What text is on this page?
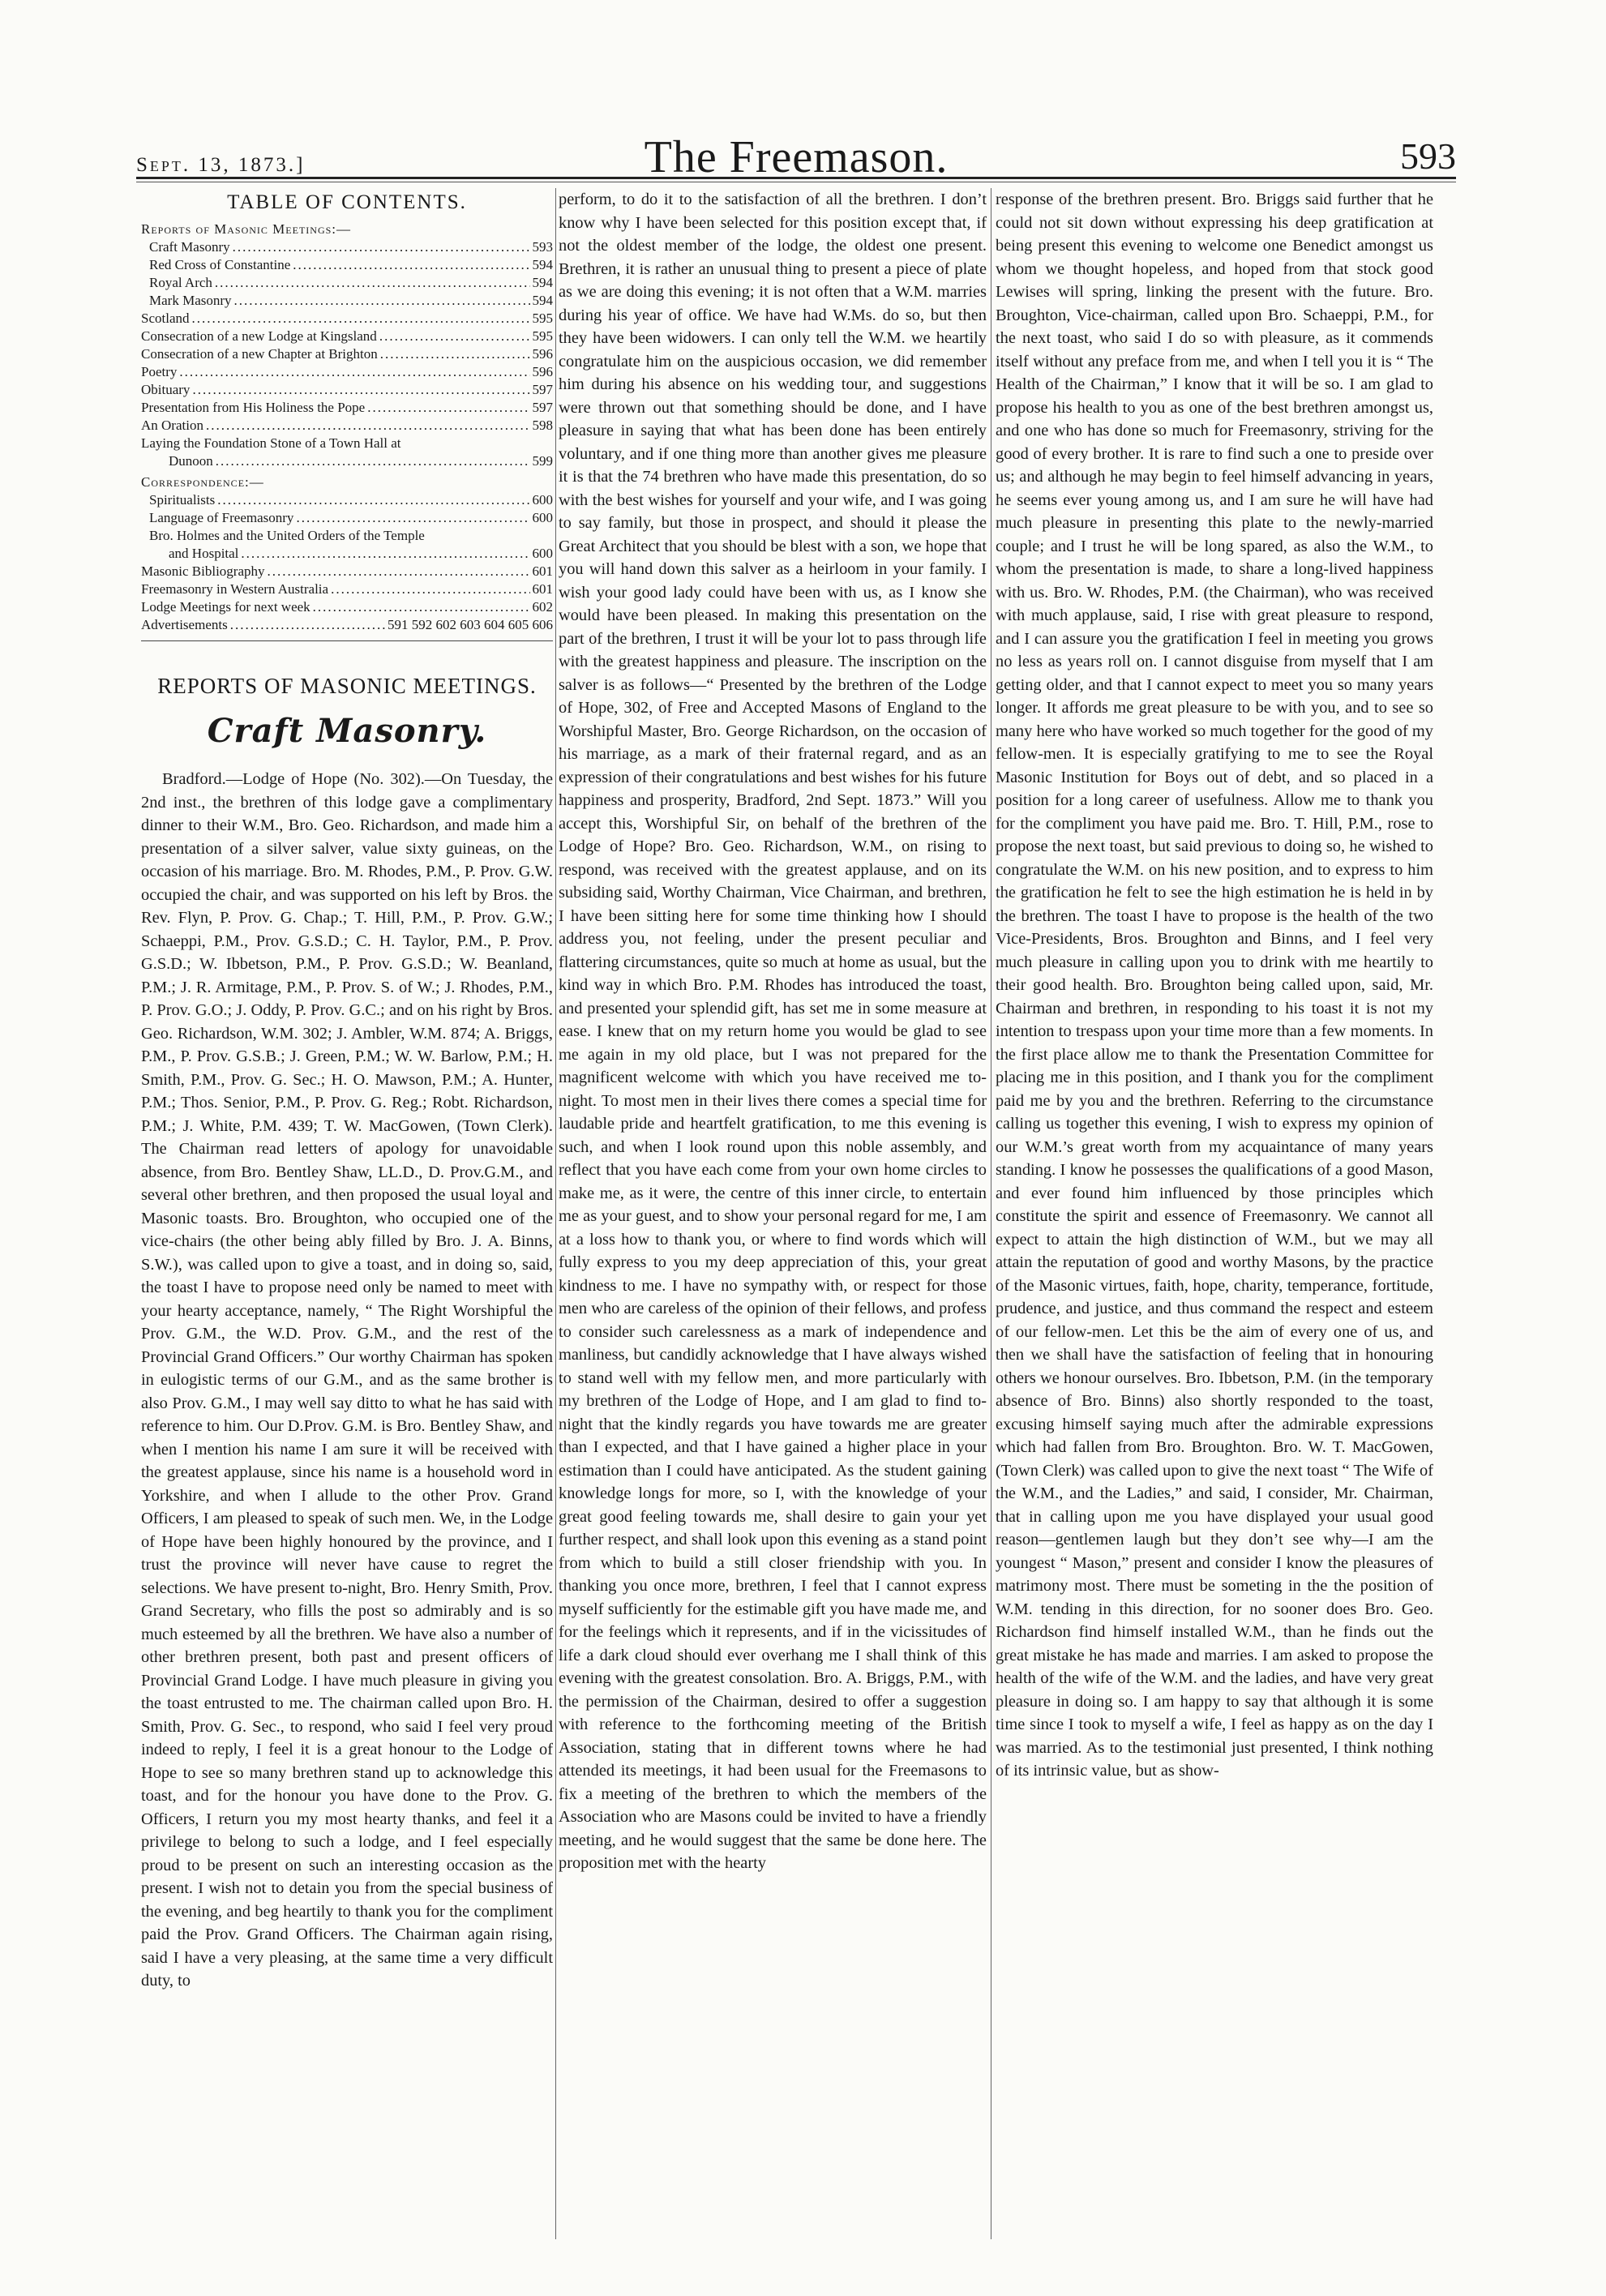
Sept. 13, 1873.]	The Freemason.	593
TABLE OF CONTENTS.
Reports of Masonic Meetings:—
Craft Masonry .....	593
Red Cross of Constantine .....	594
Royal Arch .....	594
Mark Masonry .....	594
Scotland .....	595
Consecration of a new Lodge at Kingsland .....	595
Consecration of a new Chapter at Brighton .....	596
Poetry .....	596
Obituary .....	597
Presentation from His Holiness the Pope .....	597
An Oration .....	598
Laying the Foundation Stone of a Town Hall at
Dunoon .....	599
Correspondence:—
Spiritualists .....	600
Language of Freemasonry .....	600
Bro. Holmes and the United Orders of the Temple
and Hospital .....	600
Masonic Bibliography .....	601
Freemasonry in Western Australia .....	601
Lodge Meetings for next week .....	602
Advertisements .....	591 592 602 603 604 605 606
REPORTS OF MASONIC MEETINGS.
Craft Masonry.

Bradford.—Lodge of Hope (No. 302).—On Tuesday, the 2nd inst., the brethren of this lodge gave a complimentary dinner to their W.M., Bro. Geo. Richardson, and made him a presentation of a silver salver, value sixty guineas, on the occasion of his marriage. Bro. M. Rhodes, P.M., P. Prov. G.W. occupied the chair, and was supported on his left by Bros. the Rev. Flyn, P. Prov. G. Chap.; T. Hill, P.M., P. Prov. G.W.; Schaeppi, P.M., Prov. G.S.D.; C. H. Taylor, P.M., P. Prov. G.S.D.; W. Ibbetson, P.M., P. Prov. G.S.D.; W. Beanland, P.M.; J. R. Armitage, P.M., P. Prov. S. of W.; J. Rhodes, P.M., P. Prov. G.O.; J. Oddy, P. Prov. G.C.; and on his right by Bros. Geo. Richardson, W.M. 302; J. Ambler, W.M. 874; A. Briggs, P.M., P. Prov. G.S.B.; J. Green, P.M.; W. W. Barlow, P.M.; H. Smith, P.M., Prov. G. Sec.; H. O. Mawson, P.M.; A. Hunter, P.M.; Thos. Senior, P.M., P. Prov. G. Reg.; Robt. Richardson, P.M.; J. White, P.M. 439; T. W. MacGowen, (Town Clerk). The Chairman read letters of apology for unavoidable absence, from Bro. Bentley Shaw, LL.D., D. Prov.G.M., and several other brethren, and then proposed the usual loyal and Masonic toasts. Bro. Broughton, who occupied one of the vice-chairs (the other being ably filled by Bro. J. A. Binns, S.W.), was called upon to give a toast, and in doing so, said, the toast I have to propose need only be named to meet with your hearty acceptance, namely, “ The Right Worshipful the Prov. G.M., the W.D. Prov. G.M., and the rest of the Provincial Grand Officers.” Our worthy Chairman has spoken in eulogistic terms of our G.M., and as the same brother is also Prov. G.M., I may well say ditto to what he has said with reference to him. Our D.Prov. G.M. is Bro. Bentley Shaw, and when I mention his name I am sure it will be received with the greatest applause, since his name is a household word in Yorkshire, and when I allude to the other Prov. Grand Officers, I am pleased to speak of such men. We, in the Lodge of Hope have been highly honoured by the province, and I trust the province will never have cause to regret the selections. We have present to-night, Bro. Henry Smith, Prov. Grand Secretary, who fills the post so admirably and is so much esteemed by all the brethren. We have also a number of other brethren present, both past and present officers of Provincial Grand Lodge. I have much pleasure in giving you the toast entrusted to me. The chairman called upon Bro. H. Smith, Prov. G. Sec., to respond, who said I feel very proud indeed to reply, I feel it is a great honour to the Lodge of Hope to see so many brethren stand up to acknowledge this toast, and for the honour you have done to the Prov. G. Officers, I return you my most hearty thanks, and feel it a privilege to belong to such a lodge, and I feel especially proud to be present on such an interesting occasion as the present. I wish not to detain you from the special business of the evening, and beg heartily to thank you for the compliment paid the Prov. Grand Officers. The Chairman again rising, said I have a very pleasing, at the same time a very difficult duty, to

perform, to do it to the satisfaction of all the brethren. I don’t know why I have been selected for this position except that, if not the oldest member of the lodge, the oldest one present. Brethren, it is rather an unusual thing to present a piece of plate as we are doing this evening; it is not often that a W.M. marries during his year of office. We have had W.Ms. do so, but then they have been widowers. I can only tell the W.M. we heartily congratulate him on the auspicious occasion, we did remember him during his absence on his wedding tour, and suggestions were thrown out that something should be done, and I have pleasure in saying that what has been done has been entirely voluntary, and if one thing more than another gives me pleasure it is that the 74 brethren who have made this presentation, do so with the best wishes for yourself and your wife, and I was going to say family, but those in prospect, and should it please the Great Architect that you should be blest with a son, we hope that you will hand down this salver as a heirloom in your family. I wish your good lady could have been with us, as I know she would have been pleased. In making this presentation on the part of the brethren, I trust it will be your lot to pass through life with the greatest happiness and pleasure. The inscription on the salver is as follows—“ Presented by the brethren of the Lodge of Hope, 302, of Free and Accepted Masons of England to the Worshipful Master, Bro. George Richardson, on the occasion of his marriage, as a mark of their fraternal regard, and as an expression of their congratulations and best wishes for his future happiness and prosperity, Bradford, 2nd Sept. 1873.” Will you accept this, Worshipful Sir, on behalf of the brethren of the Lodge of Hope? Bro. Geo. Richardson, W.M., on rising to respond, was received with the greatest applause, and on its subsiding said, Worthy Chairman, Vice Chairman, and brethren, I have been sitting here for some time thinking how I should address you, not feeling, under the present peculiar and flattering circumstances, quite so much at home as usual, but the kind way in which Bro. P.M. Rhodes has introduced the toast, and presented your splendid gift, has set me in some measure at ease. I knew that on my return home you would be glad to see me again in my old place, but I was not prepared for the magnificent welcome with which you have received me to-night. To most men in their lives there comes a special time for laudable pride and heartfelt gratification, to me this evening is such, and when I look round upon this noble assembly, and reflect that you have each come from your own home circles to make me, as it were, the centre of this inner circle, to entertain me as your guest, and to show your personal regard for me, I am at a loss how to thank you, or where to find words which will fully express to you my deep appreciation of this, your great kindness to me. I have no sympathy with, or respect for those men who are careless of the opinion of their fellows, and profess to consider such carelessness as a mark of independence and manliness, but candidly acknowledge that I have always wished to stand well with my fellow men, and more particularly with my brethren of the Lodge of Hope, and I am glad to find to-night that the kindly regards you have towards me are greater than I expected, and that I have gained a higher place in your estimation than I could have anticipated. As the student gaining knowledge longs for more, so I, with the knowledge of your great good feeling towards me, shall desire to gain your yet further respect, and shall look upon this evening as a stand point from which to build a still closer friendship with you. In thanking you once more, brethren, I feel that I cannot express myself sufficiently for the estimable gift you have made me, and for the feelings which it represents, and if in the vicissitudes of life a dark cloud should ever overhang me I shall think of this evening with the greatest consolation. Bro. A. Briggs, P.M., with the permission of the Chairman, desired to offer a suggestion with reference to the forthcoming meeting of the British Association, stating that in different towns where he had attended its meetings, it had been usual for the Freemasons to fix a meeting of the brethren to which the members of the Association who are Masons could be invited to have a friendly meeting, and he would suggest that the same be done here. The proposition met with the hearty

response of the brethren present. Bro. Briggs said further that he could not sit down without expressing his deep gratification at being present this evening to welcome one Benedict amongst us whom we thought hopeless, and hoped from that stock good Lewises will spring, linking the present with the future. Bro. Broughton, Vice-chairman, called upon Bro. Schaeppi, P.M., for the next toast, who said I do so with pleasure, as it commends itself without any preface from me, and when I tell you it is “ The Health of the Chairman,” I know that it will be so. I am glad to propose his health to you as one of the best brethren amongst us, and one who has done so much for Freemasonry, striving for the good of every brother. It is rare to find such a one to preside over us; and although he may begin to feel himself advancing in years, he seems ever young among us, and I am sure he will have had much pleasure in presenting this plate to the newly-married couple; and I trust he will be long spared, as also the W.M., to whom the presentation is made, to share a long-lived happiness with us. Bro. W. Rhodes, P.M. (the Chairman), who was received with much applause, said, I rise with great pleasure to respond, and I can assure you the gratification I feel in meeting you grows no less as years roll on. I cannot disguise from myself that I am getting older, and that I cannot expect to meet you so many years longer. It affords me great pleasure to be with you, and to see so many here who have worked so much together for the good of my fellow-men. It is especially gratifying to me to see the Royal Masonic Institution for Boys out of debt, and so placed in a position for a long career of usefulness. Allow me to thank you for the compliment you have paid me. Bro. T. Hill, P.M., rose to propose the next toast, but said previous to doing so, he wished to congratulate the W.M. on his new position, and to express to him the gratification he felt to see the high estimation he is held in by the brethren. The toast I have to propose is the health of the two Vice-Presidents, Bros. Broughton and Binns, and I feel very much pleasure in calling upon you to drink with me heartily to their good health. Bro. Broughton being called upon, said, Mr. Chairman and brethren, in responding to his toast it is not my intention to trespass upon your time more than a few moments. In the first place allow me to thank the Presentation Committee for placing me in this position, and I thank you for the compliment paid me by you and the brethren. Referring to the circumstance calling us together this evening, I wish to express my opinion of our W.M.’s great worth from my acquaintance of many years standing. I know he possesses the qualifications of a good Mason, and ever found him influenced by those principles which constitute the spirit and essence of Freemasonry. We cannot all expect to attain the high distinction of W.M., but we may all attain the reputation of good and worthy Masons, by the practice of the Masonic virtues, faith, hope, charity, temperance, fortitude, prudence, and justice, and thus command the respect and esteem of our fellow-men. Let this be the aim of every one of us, and then we shall have the satisfaction of feeling that in honouring others we honour ourselves. Bro. Ibbetson, P.M. (in the temporary absence of Bro. Binns) also shortly responded to the toast, excusing himself saying much after the admirable expressions which had fallen from Bro. Broughton. Bro. W. T. MacGowen, (Town Clerk) was called upon to give the next toast “ The Wife of the W.M., and the Ladies,” and said, I consider, Mr. Chairman, that in calling upon me you have displayed your usual good reason—gentlemen laugh but they don’t see why—I am the youngest “ Mason,” present and consider I know the pleasures of matrimony most. There must be someting in the the position of W.M. tending in this direction, for no sooner does Bro. Geo. Richardson find himself installed W.M., than he finds out the great mistake he has made and marries. I am asked to propose the health of the wife of the W.M. and the ladies, and have very great pleasure in doing so. I am happy to say that although it is some time since I took to myself a wife, I feel as happy as on the day I was married. As to the testimonial just presented, I think nothing of its intrinsic value, but as show-
